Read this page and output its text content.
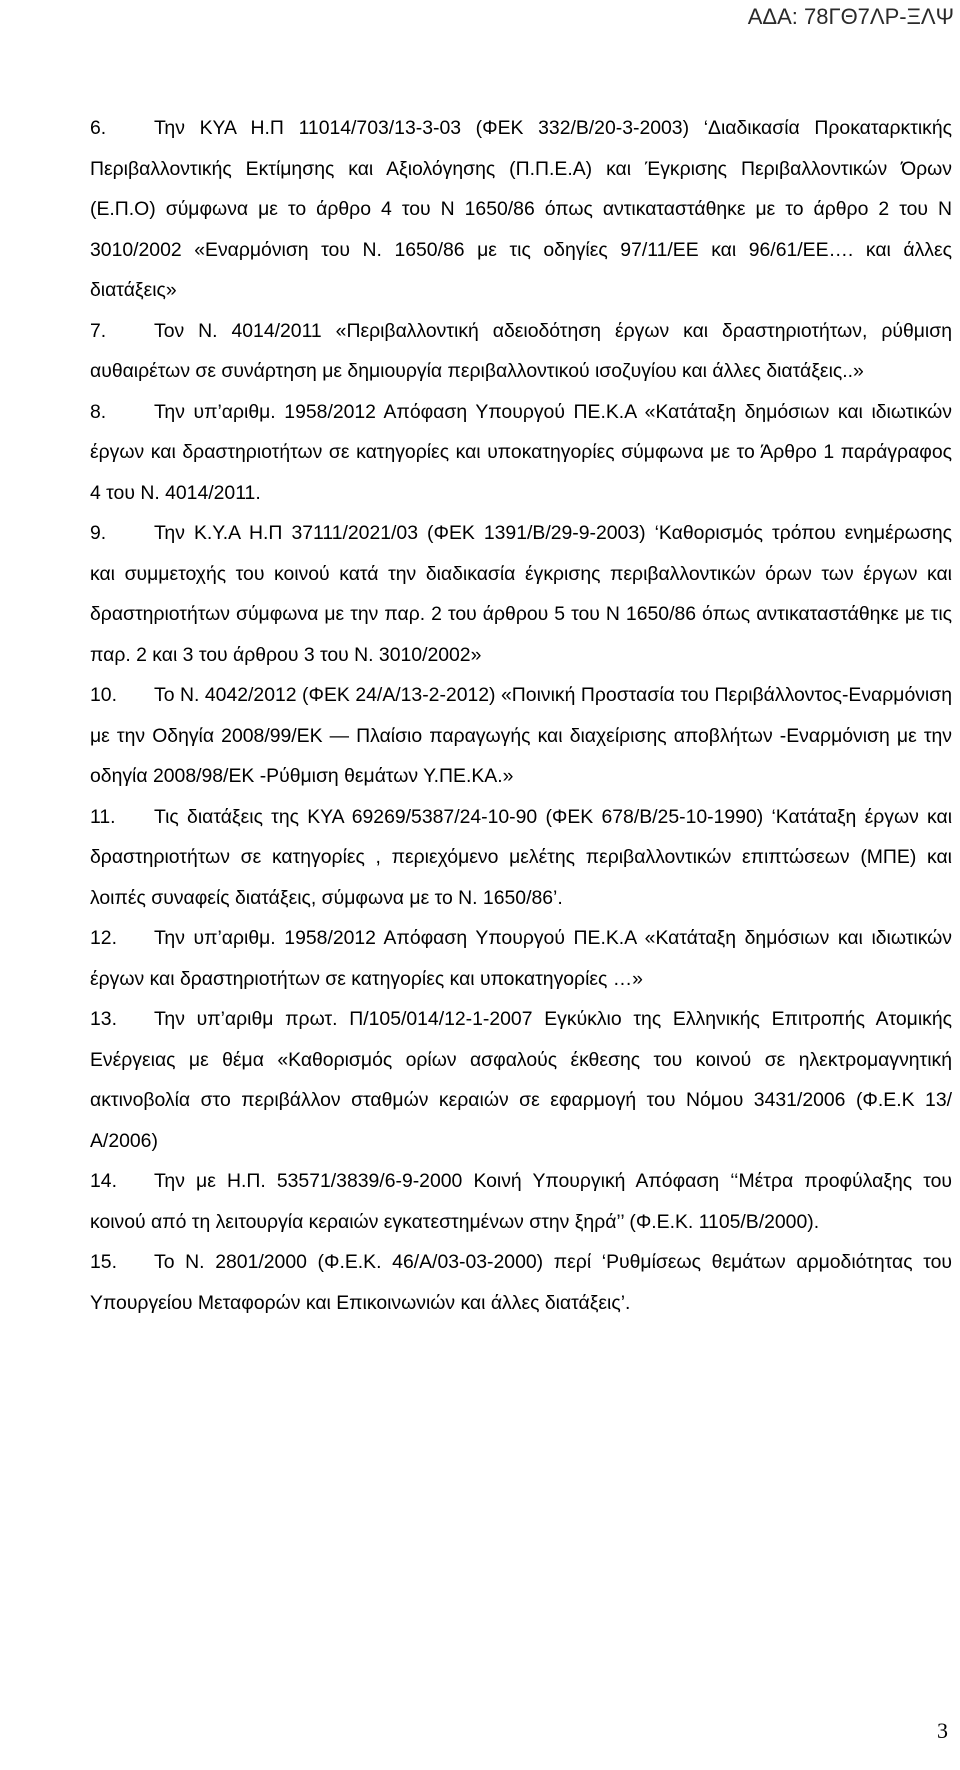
ΑΔΑ: 78ΓΘ7ΛΡ-ΞΛΨ

6. Την ΚΥΑ Η.Π 11014/703/13-3-03 (ΦΕΚ 332/Β/20-3-2003) ‘Διαδικασία Προκαταρκτικής Περιβαλλοντικής Εκτίμησης και Αξιολόγησης (Π.Π.Ε.Α) και Έγκρισης Περιβαλλοντικών Όρων (Ε.Π.Ο) σύμφωνα με το άρθρο 4 του Ν 1650/86 όπως αντικαταστάθηκε με το άρθρο 2 του Ν 3010/2002 «Εναρμόνιση του Ν. 1650/86 με τις οδηγίες 97/11/ΕΕ και 96/61/ΕΕ…. και άλλες διατάξεις»

7. Τον Ν. 4014/2011 «Περιβαλλοντική αδειοδότηση έργων και δραστηριοτήτων, ρύθμιση αυθαιρέτων σε συνάρτηση με δημιουργία περιβαλλοντικού ισοζυγίου και άλλες διατάξεις..»

8. Την υπ’αριθμ. 1958/2012 Απόφαση Υπουργού ΠΕ.Κ.Α «Κατάταξη δημόσιων και ιδιωτικών έργων και δραστηριοτήτων σε κατηγορίες και υποκατηγορίες σύμφωνα με το Άρθρο 1 παράγραφος 4 του Ν. 4014/2011.

9. Την Κ.Υ.Α Η.Π 37111/2021/03 (ΦΕΚ 1391/Β/29-9-2003) ‘Καθορισμός τρόπου ενημέρωσης και συμμετοχής του κοινού κατά την διαδικασία έγκρισης περιβαλλοντικών όρων των έργων και δραστηριοτήτων σύμφωνα με την παρ. 2 του άρθρου 5 του Ν 1650/86 όπως αντικαταστάθηκε με τις παρ. 2 και 3 του άρθρου 3 του Ν. 3010/2002»

10. Το Ν. 4042/2012 (ΦΕΚ 24/Α/13-2-2012) «Ποινική Προστασία του Περιβάλλοντος-Εναρμόνιση με την Οδηγία 2008/99/ΕΚ — Πλαίσιο παραγωγής και διαχείρισης αποβλήτων -Εναρμόνιση με την οδηγία 2008/98/ΕΚ -Ρύθμιση θεμάτων Υ.ΠΕ.ΚΑ.»

11. Τις διατάξεις της ΚΥΑ 69269/5387/24-10-90 (ΦΕΚ 678/Β/25-10-1990) ‘Κατάταξη έργων και δραστηριοτήτων σε κατηγορίες , περιεχόμενο μελέτης περιβαλλοντικών επιπτώσεων (ΜΠΕ) και λοιπές συναφείς διατάξεις, σύμφωνα με το Ν. 1650/86’.

12. Την υπ’αριθμ. 1958/2012 Απόφαση Υπουργού ΠΕ.Κ.Α «Κατάταξη δημόσιων και ιδιωτικών έργων και δραστηριοτήτων σε κατηγορίες και υποκατηγορίες …»

13. Την υπ’αριθμ πρωτ. Π/105/014/12-1-2007 Εγκύκλιο της Ελληνικής Επιτροπής Ατομικής Ενέργειας με θέμα «Καθορισμός ορίων ασφαλούς έκθεσης του κοινού σε ηλεκτρομαγνητική ακτινοβολία στο περιβάλλον σταθμών κεραιών σε εφαρμογή του Νόμου 3431/2006 (Φ.Ε.Κ 13/Α/2006)

14. Την με Η.Π. 53571/3839/6-9-2000 Κοινή Υπουργική Απόφαση ‘‘Μέτρα προφύλαξης του κοινού από τη λειτουργία κεραιών εγκατεστημένων στην ξηρά’’ (Φ.Ε.Κ. 1105/Β/2000).

15. Το Ν. 2801/2000 (Φ.Ε.Κ. 46/Α/03-03-2000) περί ‘Ρυθμίσεως θεμάτων αρμοδιότητας του Υπουργείου Μεταφορών και Επικοινωνιών και άλλες διατάξεις’.

3
